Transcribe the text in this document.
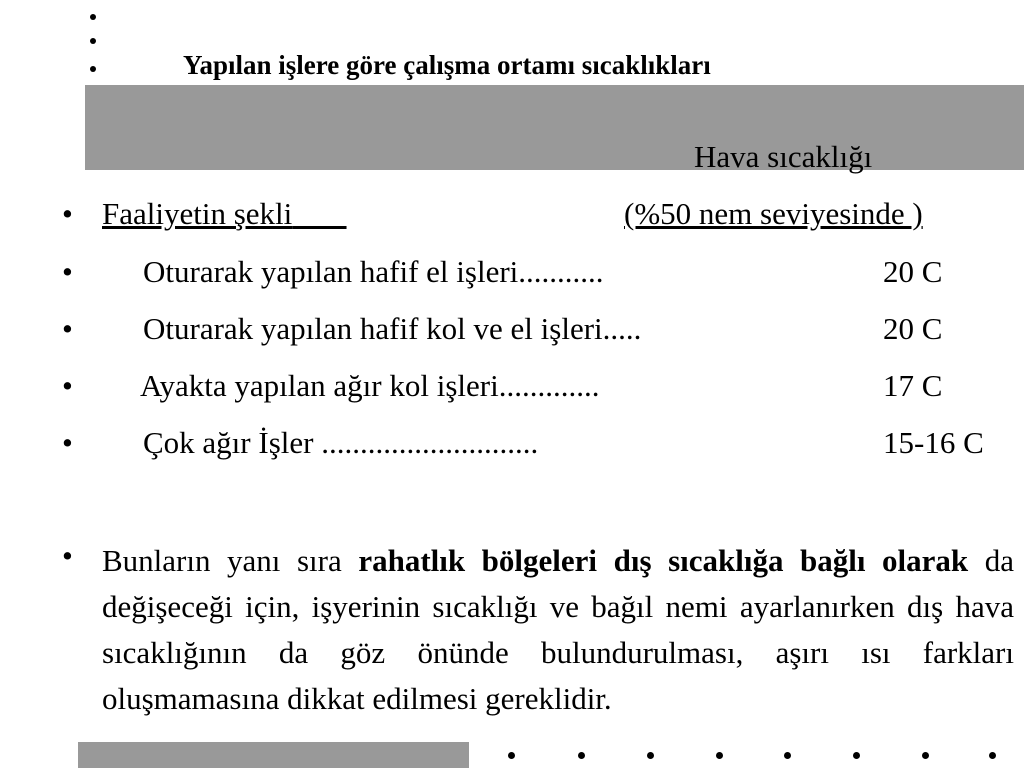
Yapılan işlere göre çalışma ortamı sıcaklıkları
Hava sıcaklığı
• Faaliyetin şekli	(%50 nem seviyesinde )
• Oturarak yapılan hafif el işleri...........	20 C
• Oturarak yapılan hafif kol ve el işleri.....	20 C
• Ayakta yapılan ağır kol işleri.............	17 C
• Çok ağır İşler ............................	15-16 C
• Bunların yanı sıra rahatlık bölgeleri dış sıcaklığa bağlı olarak da değişeceği için, işyerinin sıcaklığı ve bağıl nemi ayarlanırken dış hava sıcaklığının da göz önünde bulundurulması, aşırı ısı farkları oluşmamasına dikkat edilmesi gereklidir.
